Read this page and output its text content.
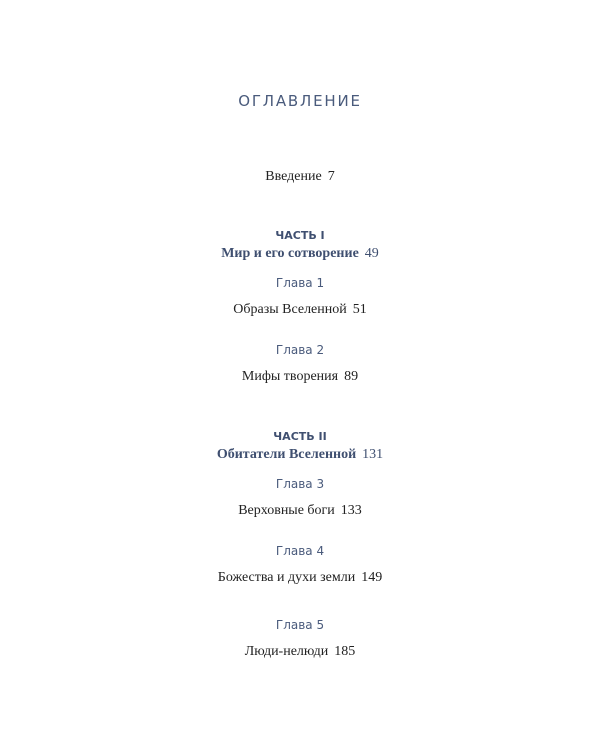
ОГЛАВЛЕНИЕ
Введение 7
ЧАСТЬ I
Мир и его сотворение 49
Глава 1
Образы Вселенной 51
Глава 2
Мифы творения 89
ЧАСТЬ II
Обитатели Вселенной 131
Глава 3
Верховные боги 133
Глава 4
Божества и духи земли 149
Глава 5
Люди-нелюди 185
